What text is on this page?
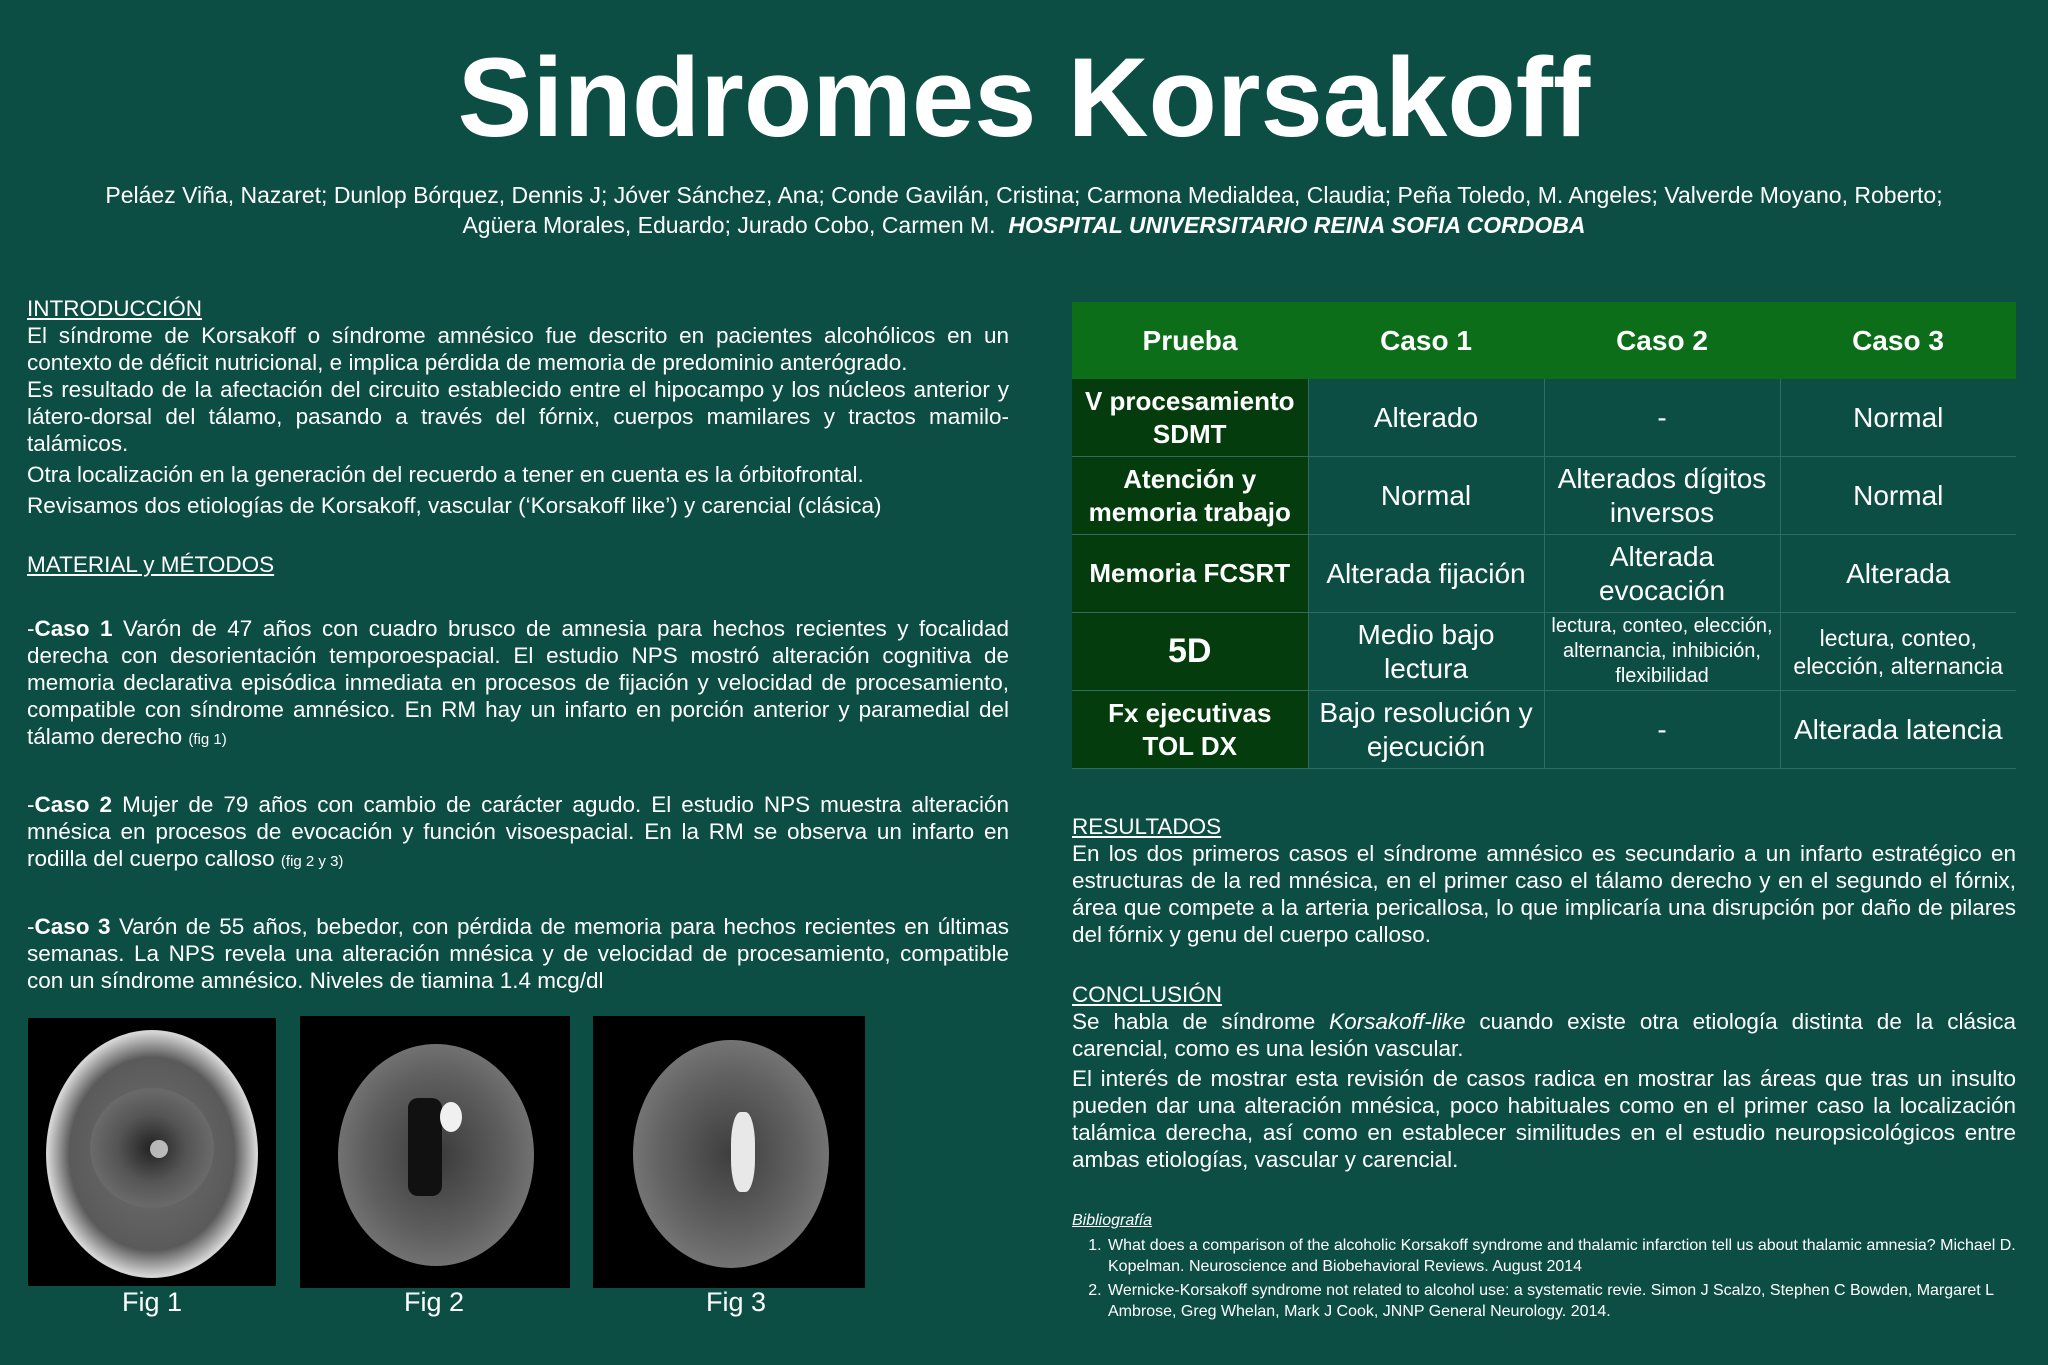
Sindromes Korsakoff
Peláez Viña, Nazaret; Dunlop Bórquez, Dennis J; Jóver Sánchez, Ana; Conde Gavilán, Cristina; Carmona Medialdea, Claudia; Peña Toledo, M. Angeles; Valverde Moyano, Roberto;
Agüera Morales, Eduardo; Jurado Cobo, Carmen M. HOSPITAL UNIVERSITARIO REINA SOFIA CORDOBA
INTRODUCCIÓN

El síndrome de Korsakoff o síndrome amnésico fue descrito en pacientes alcohólicos en un contexto de déficit nutricional, e implica pérdida de memoria de predominio anterógrado.

Es resultado de la afectación del circuito establecido entre el hipocampo y los núcleos anterior y látero-dorsal del tálamo, pasando a través del fórnix, cuerpos mamilares y tractos mamilo-talámicos.

Otra localización en la generación del recuerdo a tener en cuenta es la órbitofrontal.

Revisamos dos etiologías de Korsakoff, vascular (‘Korsakoff like’) y carencial (clásica)

MATERIAL y MÉTODOS

-Caso 1 Varón de 47 años con cuadro brusco de amnesia para hechos recientes y focalidad derecha con desorientación temporoespacial. El estudio NPS mostró alteración cognitiva de memoria declarativa episódica inmediata en procesos de fijación y velocidad de procesamiento, compatible con síndrome amnésico. En RM hay un infarto en porción anterior y paramedial del tálamo derecho (fig 1)

-Caso 2 Mujer de 79 años con cambio de carácter agudo. El estudio NPS muestra alteración mnésica en procesos de evocación y función visoespacial. En la RM se observa un infarto en rodilla del cuerpo calloso (fig 2 y 3)

-Caso 3 Varón de 55 años, bebedor, con pérdida de memoria para hechos recientes en últimas semanas. La NPS revela una alteración mnésica y de velocidad de procesamiento, compatible con un síndrome amnésico. Niveles de tiamina 1.4 mcg/dl

Fig 1	Fig 2	Fig 3
Prueba	Caso 1	Caso 2	Caso 3
V procesamiento
SDMT	Alterado	-	Normal
Atención y
memoria trabajo	Normal	Alterados dígitos inversos	Normal
Memoria FCSRT	Alterada fijación	Alterada evocación	Alterada
5D	Medio bajo lectura	lectura, conteo, elección, alternancia, inhibición, flexibilidad	lectura, conteo, elección, alternancia
Fx ejecutivas
TOL DX	Bajo resolución y ejecución	-	Alterada latencia
RESULTADOS

En los dos primeros casos el síndrome amnésico es secundario a un infarto estratégico en estructuras de la red mnésica, en el primer caso el tálamo derecho y en el segundo el fórnix, área que compete a la arteria pericallosa, lo que implicaría una disrupción por daño de pilares del fórnix y genu del cuerpo calloso.

CONCLUSIÓN

Se habla de síndrome Korsakoff-like cuando existe otra etiología distinta de la clásica carencial, como es una lesión vascular.

El interés de mostrar esta revisión de casos radica en mostrar las áreas que tras un insulto pueden dar una alteración mnésica, poco habituales como en el primer caso la localización talámica derecha, así como en establecer similitudes en el estudio neuropsicológicos entre ambas etiologías, vascular y carencial.

Bibliografía
1. What does a comparison of the alcoholic Korsakoff syndrome and thalamic infarction tell us about thalamic amnesia? Michael D. Kopelman. Neuroscience and Biobehavioral Reviews. August 2014
2. Wernicke-Korsakoff syndrome not related to alcohol use: a systematic revie. Simon J Scalzo, Stephen C Bowden, Margaret L Ambrose, Greg Whelan, Mark J Cook, JNNP General Neurology. 2014.
